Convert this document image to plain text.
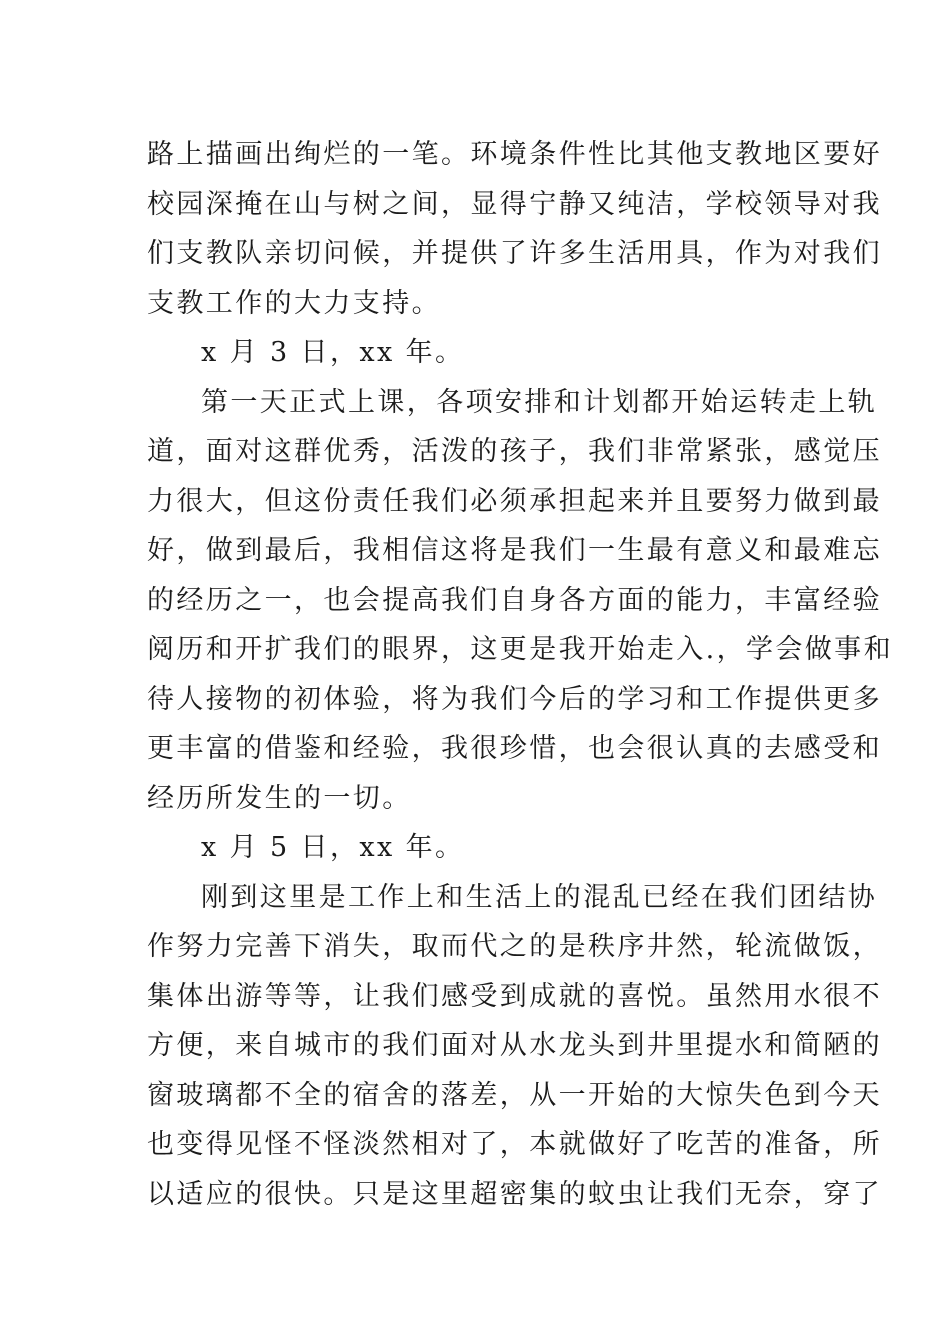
路上描画出绚烂的一笔。环境条件性比其他支教地区要好
校园深掩在山与树之间，显得宁静又纯洁，学校领导对我
们支教队亲切问候，并提供了许多生活用具，作为对我们
支教工作的大力支持。
x 月 3 日，xx 年。
第一天正式上课，各项安排和计划都开始运转走上轨
道，面对这群优秀，活泼的孩子，我们非常紧张，感觉压
力很大，但这份责任我们必须承担起来并且要努力做到最
好，做到最后，我相信这将是我们一生最有意义和最难忘
的经历之一，也会提高我们自身各方面的能力，丰富经验
阅历和开扩我们的眼界，这更是我开始走入.，学会做事和
待人接物的初体验，将为我们今后的学习和工作提供更多
更丰富的借鉴和经验，我很珍惜，也会很认真的去感受和
经历所发生的一切。
x 月 5 日，xx 年。
刚到这里是工作上和生活上的混乱已经在我们团结协
作努力完善下消失，取而代之的是秩序井然，轮流做饭，
集体出游等等，让我们感受到成就的喜悦。虽然用水很不
方便，来自城市的我们面对从水龙头到井里提水和简陋的
窗玻璃都不全的宿舍的落差，从一开始的大惊失色到今天
也变得见怪不怪淡然相对了，本就做好了吃苦的准备，所
以适应的很快。只是这里超密集的蚊虫让我们无奈，穿了
